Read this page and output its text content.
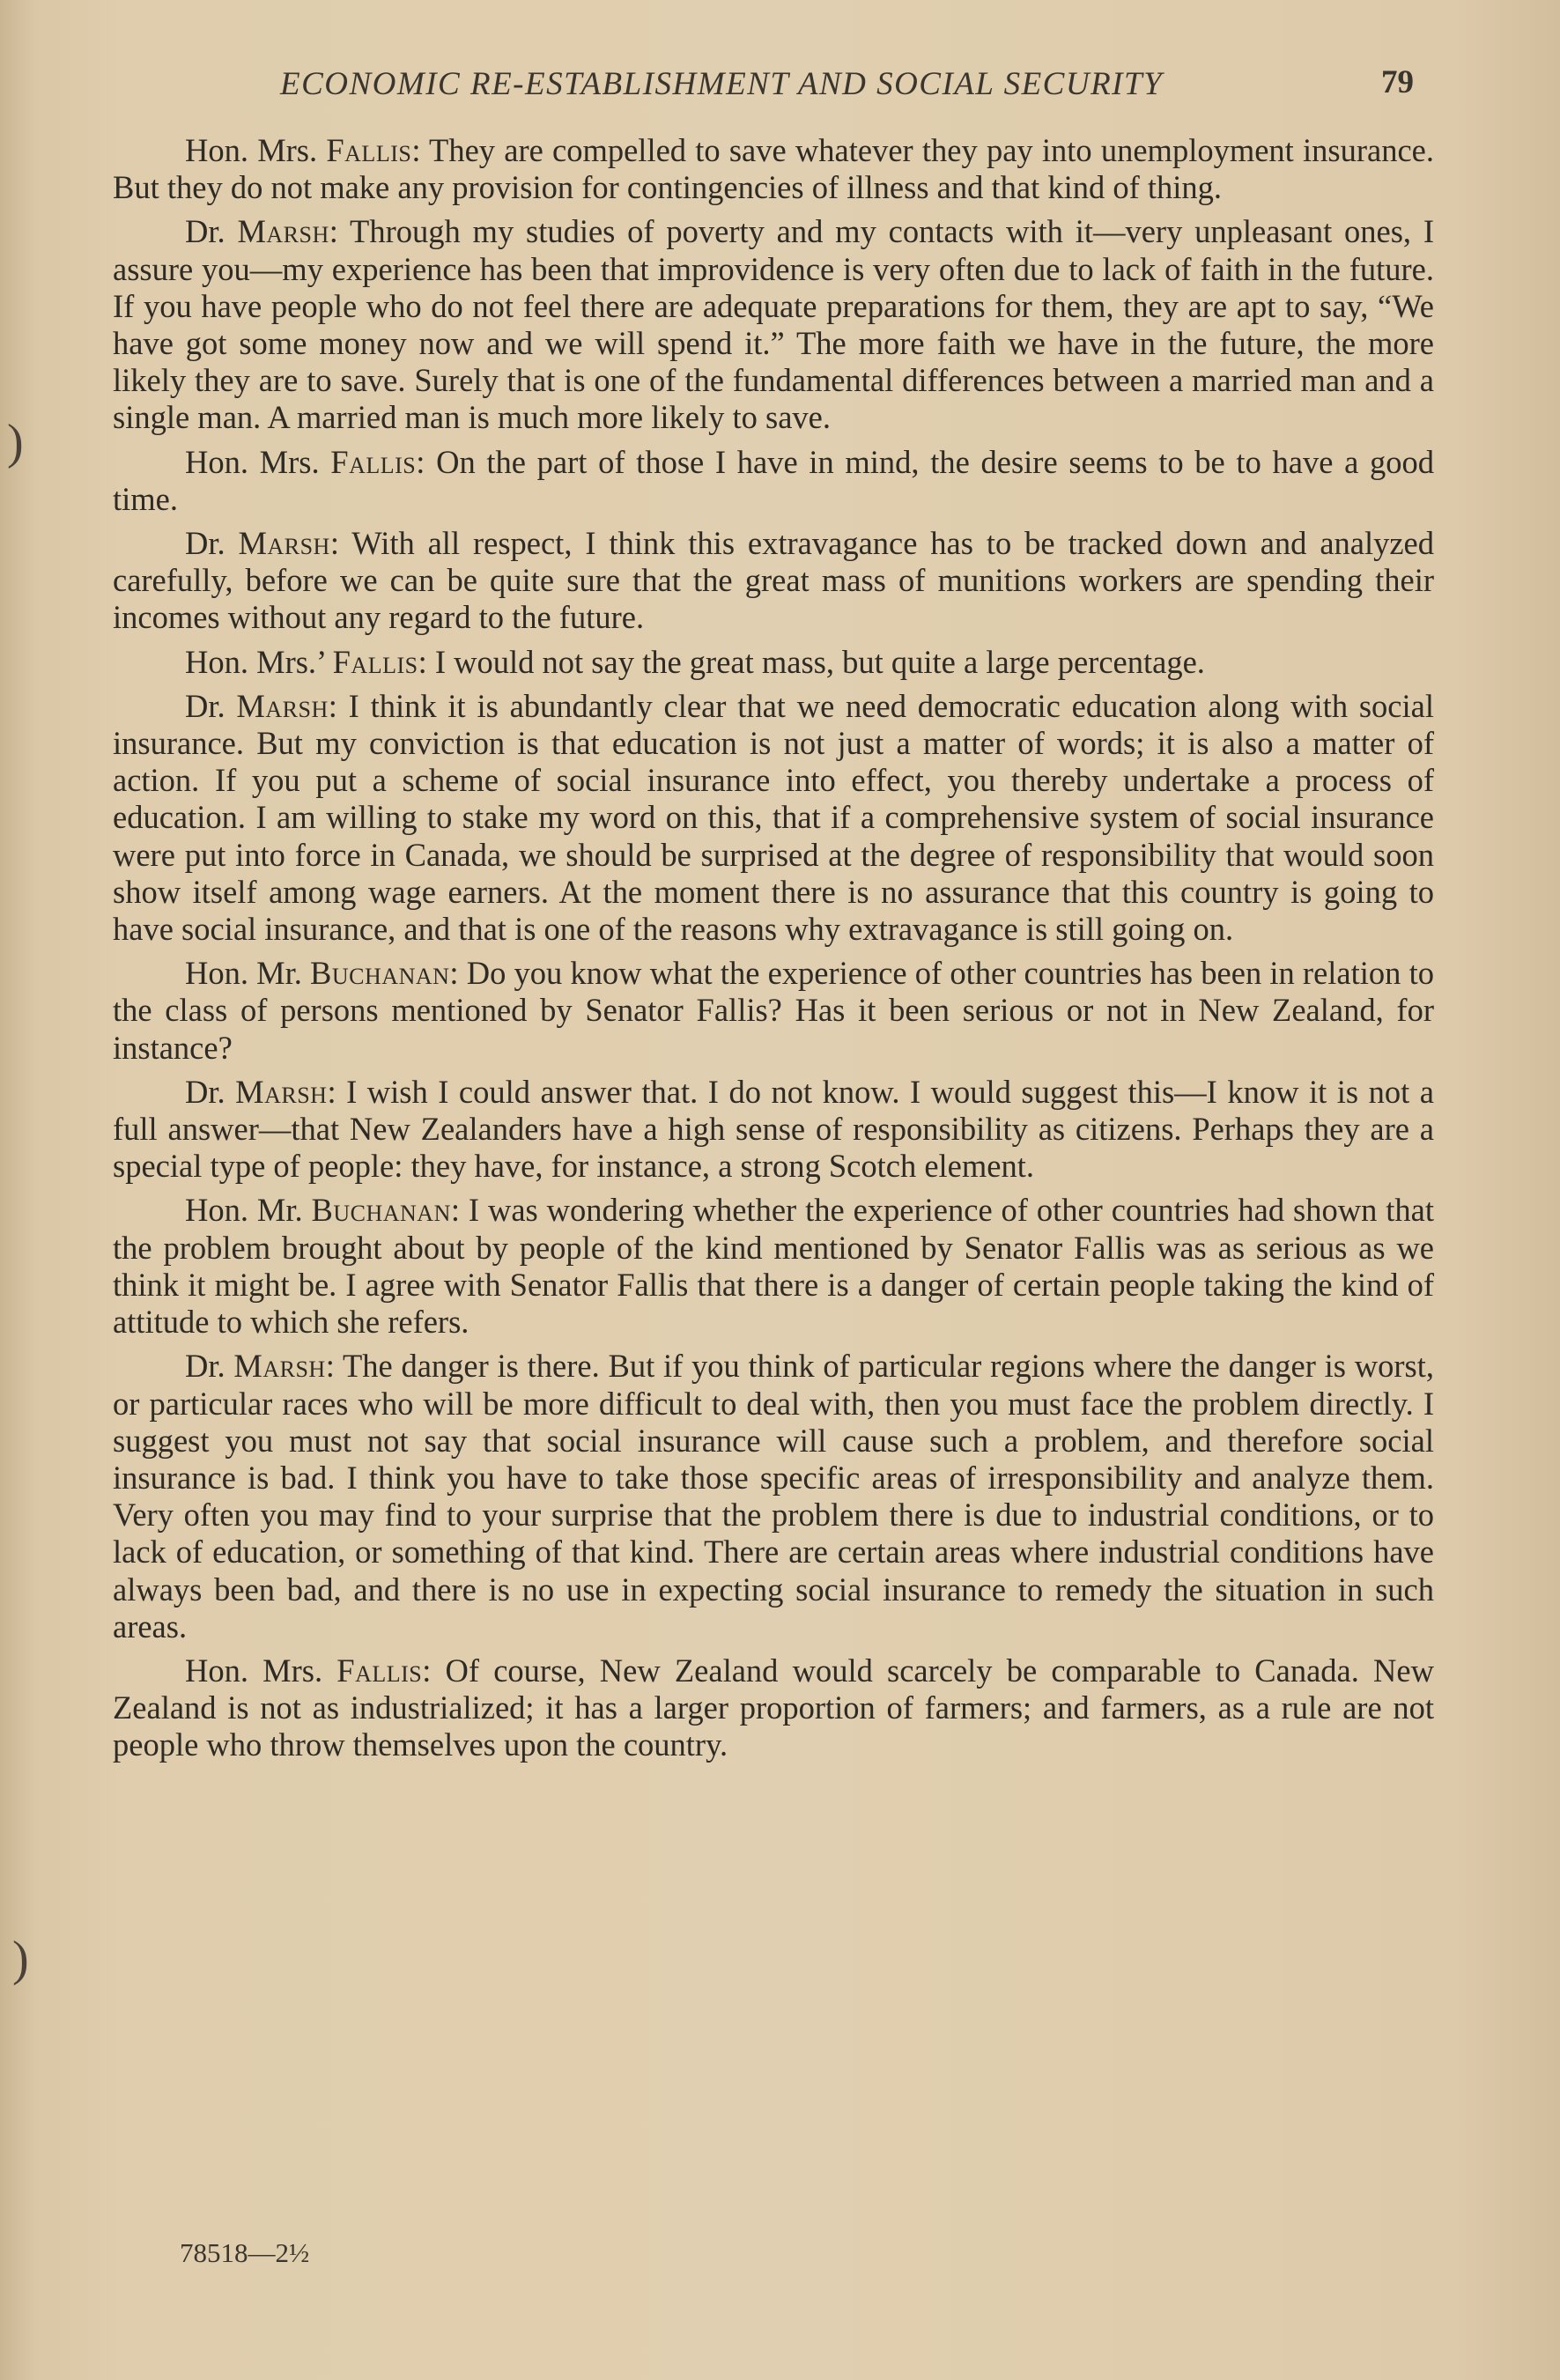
ECONOMIC RE-ESTABLISHMENT AND SOCIAL SECURITY	79
)
)

Hon. Mrs. Fallis: They are compelled to save whatever they pay into unemployment insurance. But they do not make any provision for contingencies of illness and that kind of thing.

Dr. Marsh: Through my studies of poverty and my contacts with it—very unpleasant ones, I assure you—my experience has been that improvidence is very often due to lack of faith in the future. If you have people who do not feel there are adequate preparations for them, they are apt to say, “We have got some money now and we will spend it.” The more faith we have in the future, the more likely they are to save. Surely that is one of the fundamental differences between a married man and a single man. A married man is much more likely to save.

Hon. Mrs. Fallis: On the part of those I have in mind, the desire seems to be to have a good time.

Dr. Marsh: With all respect, I think this extravagance has to be tracked down and analyzed carefully, before we can be quite sure that the great mass of munitions workers are spending their incomes without any regard to the future.

Hon. Mrs.’ Fallis: I would not say the great mass, but quite a large percentage.

Dr. Marsh: I think it is abundantly clear that we need democratic education along with social insurance. But my conviction is that education is not just a matter of words; it is also a matter of action. If you put a scheme of social insurance into effect, you thereby undertake a process of education. I am willing to stake my word on this, that if a comprehensive system of social insurance were put into force in Canada, we should be surprised at the degree of responsibility that would soon show itself among wage earners. At the moment there is no assurance that this country is going to have social insurance, and that is one of the reasons why extravagance is still going on.

Hon. Mr. Buchanan: Do you know what the experience of other countries has been in relation to the class of persons mentioned by Senator Fallis? Has it been serious or not in New Zealand, for instance?

Dr. Marsh: I wish I could answer that. I do not know. I would suggest this—I know it is not a full answer—that New Zealanders have a high sense of responsibility as citizens. Perhaps they are a special type of people: they have, for instance, a strong Scotch element.

Hon. Mr. Buchanan: I was wondering whether the experience of other countries had shown that the problem brought about by people of the kind mentioned by Senator Fallis was as serious as we think it might be. I agree with Senator Fallis that there is a danger of certain people taking the kind of attitude to which she refers.

Dr. Marsh: The danger is there. But if you think of particular regions where the danger is worst, or particular races who will be more difficult to deal with, then you must face the problem directly. I suggest you must not say that social insurance will cause such a problem, and therefore social insurance is bad. I think you have to take those specific areas of irresponsibility and analyze them. Very often you may find to your surprise that the problem there is due to industrial conditions, or to lack of education, or something of that kind. There are certain areas where industrial conditions have always been bad, and there is no use in expecting social insurance to remedy the situation in such areas.

Hon. Mrs. Fallis: Of course, New Zealand would scarcely be comparable to Canada. New Zealand is not as industrialized; it has a larger proportion of farmers; and farmers, as a rule are not people who throw themselves upon the country.

78518—2½
